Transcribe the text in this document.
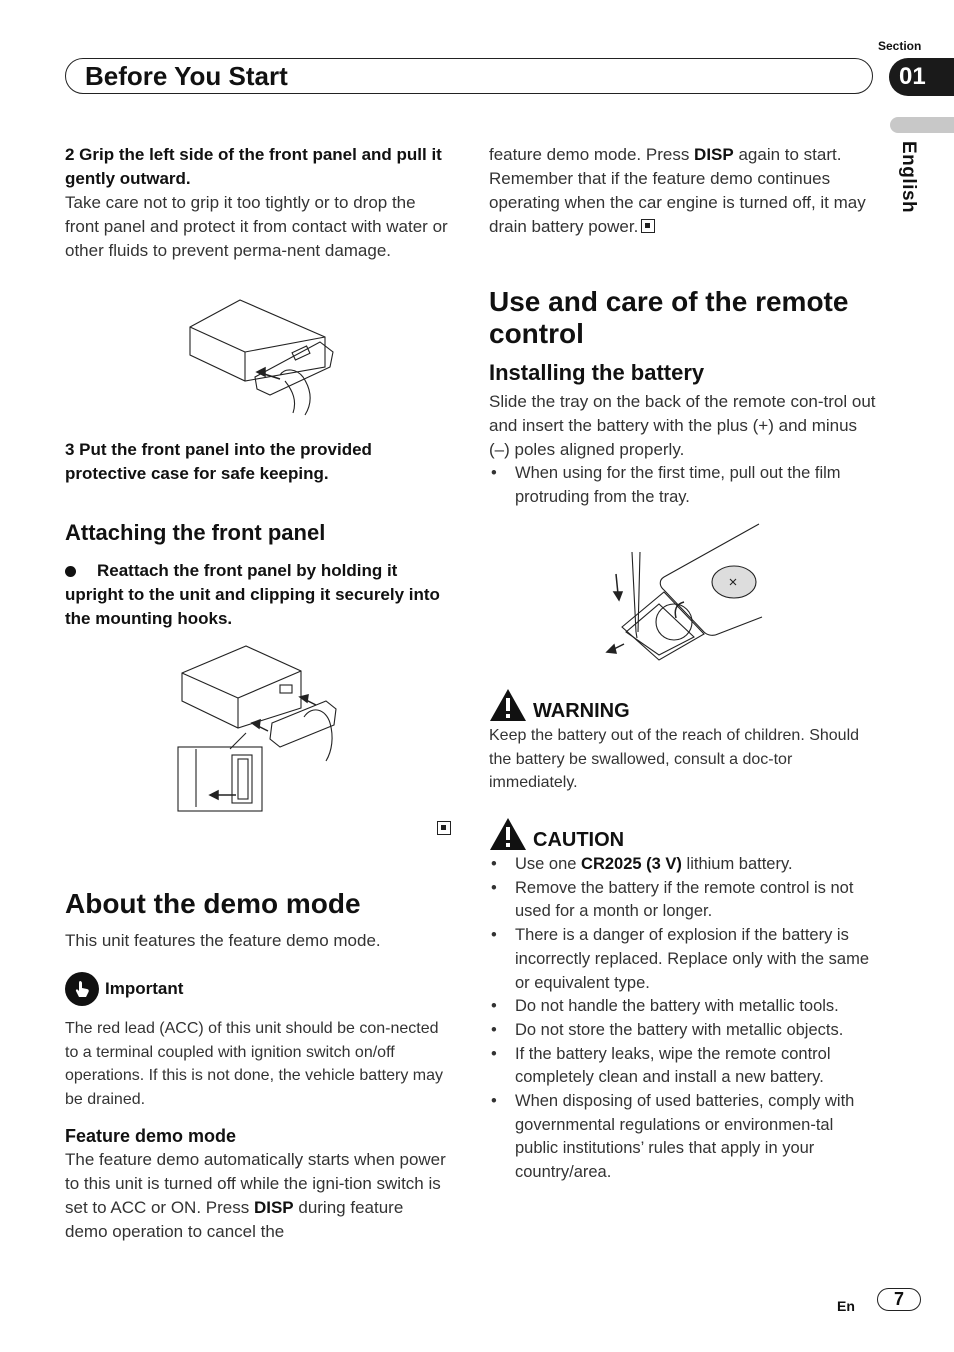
Section
Before You Start	01
English
2 Grip the left side of the front panel and pull it gently outward.
Take care not to grip it too tightly or to drop the front panel and protect it from contact with water or other fluids to prevent perma-nent damage.
3 Put the front panel into the provided protective case for safe keeping.
Attaching the front panel
Reattach the front panel by holding it upright to the unit and clipping it securely into the mounting hooks.
About the demo mode
This unit features the feature demo mode.
Important
The red lead (ACC) of this unit should be con-nected to a terminal coupled with ignition switch on/off operations. If this is not done, the vehicle battery may be drained.
Feature demo mode
The feature demo automatically starts when power to this unit is turned off while the igni-tion switch is set to ACC or ON. Press DISP during feature demo operation to cancel the
feature demo mode. Press DISP again to start. Remember that if the feature demo continues operating when the car engine is turned off, it may drain battery power.
Use and care of the remote control
Installing the battery
Slide the tray on the back of the remote con-trol out and insert the battery with the plus (+) and minus (–) poles aligned properly.
• When using for the first time, pull out the film protruding from the tray.
WARNING
Keep the battery out of the reach of children. Should the battery be swallowed, consult a doc-tor immediately.
CAUTION
• Use one CR2025 (3 V) lithium battery.
• Remove the battery if the remote control is not used for a month or longer.
• There is a danger of explosion if the battery is incorrectly replaced. Replace only with the same or equivalent type.
• Do not handle the battery with metallic tools.
• Do not store the battery with metallic objects.
• If the battery leaks, wipe the remote control completely clean and install a new battery.
• When disposing of used batteries, comply with governmental regulations or environmen-tal public institutions’ rules that apply in your country/area.
En	7
